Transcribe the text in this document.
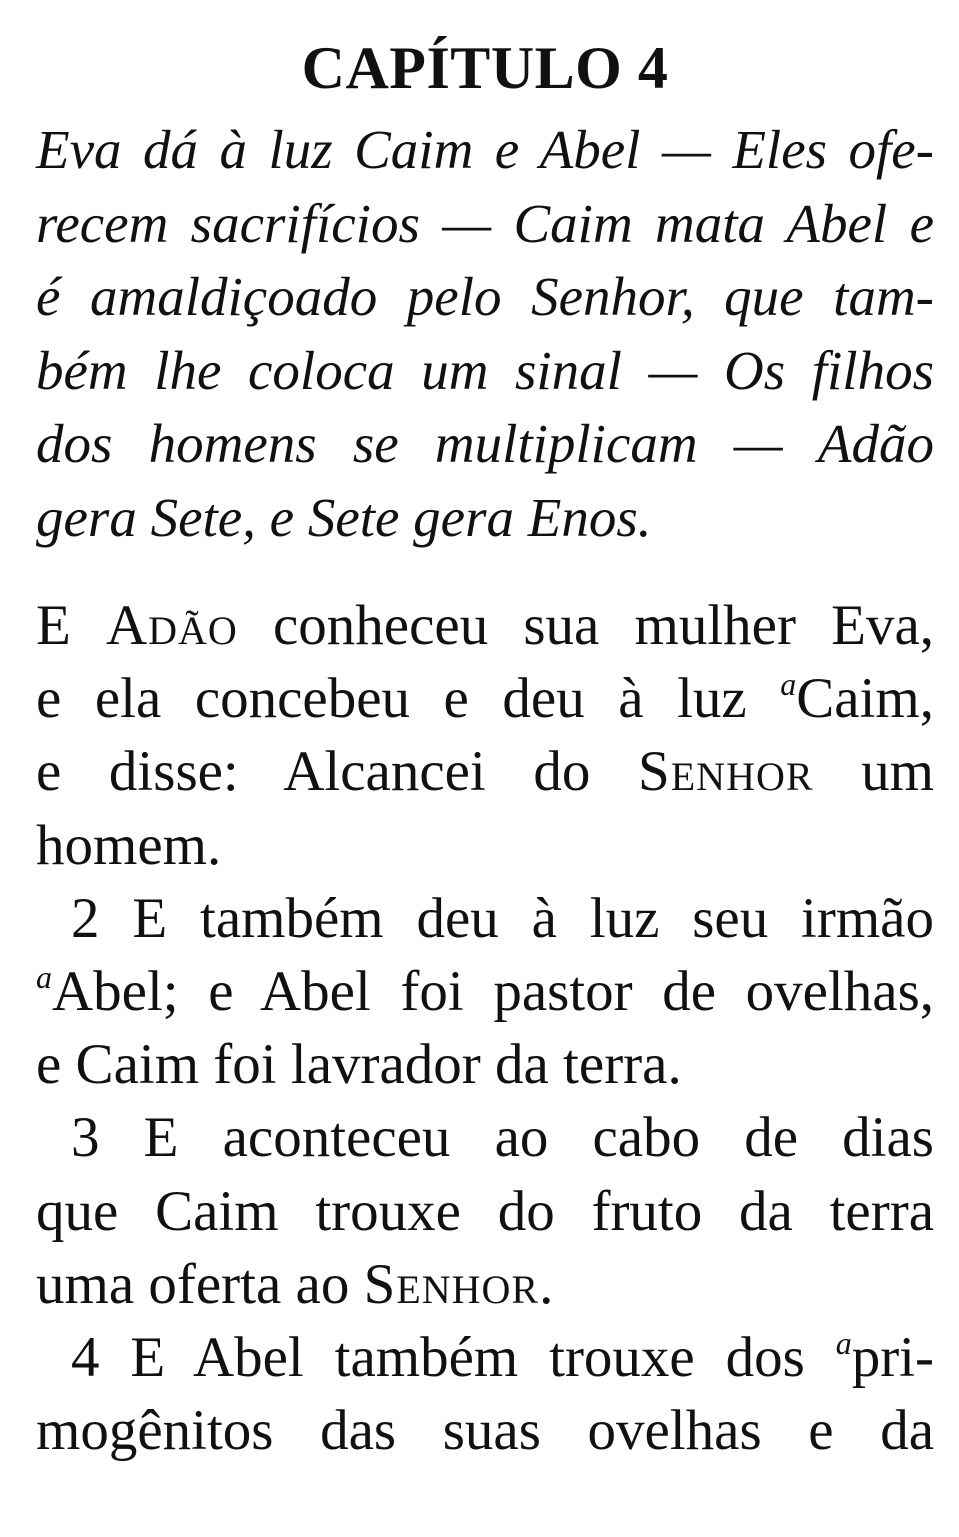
CAPÍTULO 4
Eva dá à luz Caim e Abel — Eles ofe-
recem sacrifícios — Caim mata Abel e
é amaldiçoado pelo Senhor, que tam-
bém lhe coloca um sinal — Os filhos
dos homens se multiplicam — Adão
gera Sete, e Sete gera Enos.
E Adão conheceu sua mulher Eva,
e ela concebeu e deu à luz $^a$Caim,
e disse: Alcancei do Senhor um
homem.
2 E também deu à luz seu irmão
$^a$Abel; e Abel foi pastor de ovelhas,
e Caim foi lavrador da terra.
3 E aconteceu ao cabo de dias
que Caim trouxe do fruto da terra
uma oferta ao Senhor.
4 E Abel também trouxe dos $^a$pri-
mogênitos das suas ovelhas e da
